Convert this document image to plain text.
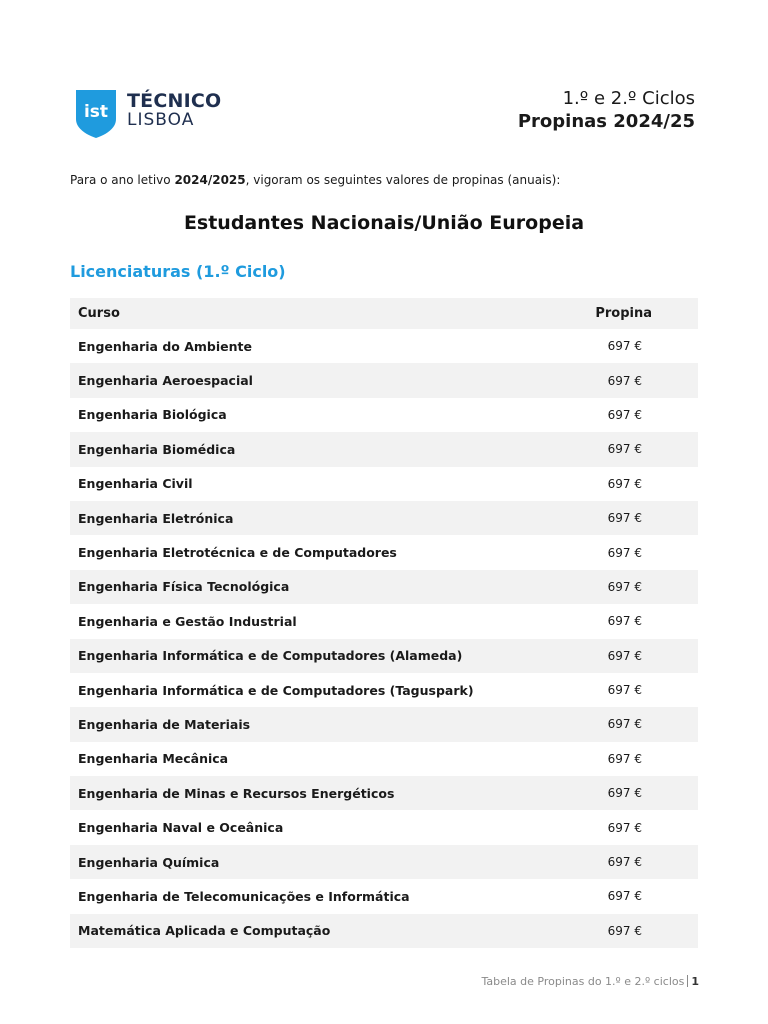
ist TÉCNICO
LISBOA
1.º e 2.º Ciclos
Propinas 2024/25
Para o ano letivo 2024/2025, vigoram os seguintes valores de propinas (anuais):
Estudantes Nacionais/União Europeia
Licenciaturas (1.º Ciclo)
Curso	Propina
Engenharia do Ambiente	697 €
Engenharia Aeroespacial	697 €
Engenharia Biológica	697 €
Engenharia Biomédica	697 €
Engenharia Civil	697 €
Engenharia Eletrónica	697 €
Engenharia Eletrotécnica e de Computadores	697 €
Engenharia Física Tecnológica	697 €
Engenharia e Gestão Industrial	697 €
Engenharia Informática e de Computadores (Alameda)	697 €
Engenharia Informática e de Computadores (Taguspark)	697 €
Engenharia de Materiais	697 €
Engenharia Mecânica	697 €
Engenharia de Minas e Recursos Energéticos	697 €
Engenharia Naval e Oceânica	697 €
Engenharia Química	697 €
Engenharia de Telecomunicações e Informática	697 €
Matemática Aplicada e Computação	697 €
Tabela de Propinas do 1.º e 2.º ciclos 1
